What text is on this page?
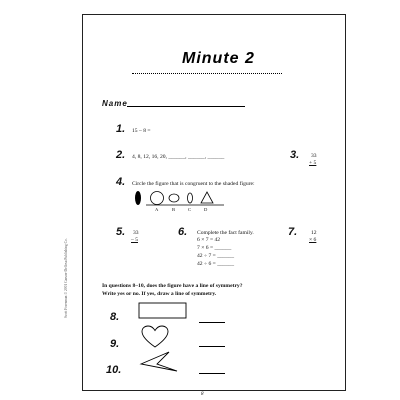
Minute 2
Name
1. 15 – 8 =
2. 4, 8, 12, 16, 20, ______, ______, ______	3. 33
+ 5
4. Circle the figure that is congruent to the shaded figure:
A	B	C	D
5. 33
– 5
6. Complete the fact family.
6 × 7 = 42
7 × 6 = ______
42 ÷ 7 = ______
42 ÷ 6 = ______
7. 12
× 6
In questions 8–10, does the figure have a line of symmetry?
Write yes or no. If yes, draw a line of symmetry.
8.
9.
10.
Scott Foresman © 2001 Carson-Dellosa Publishing Co.
8
